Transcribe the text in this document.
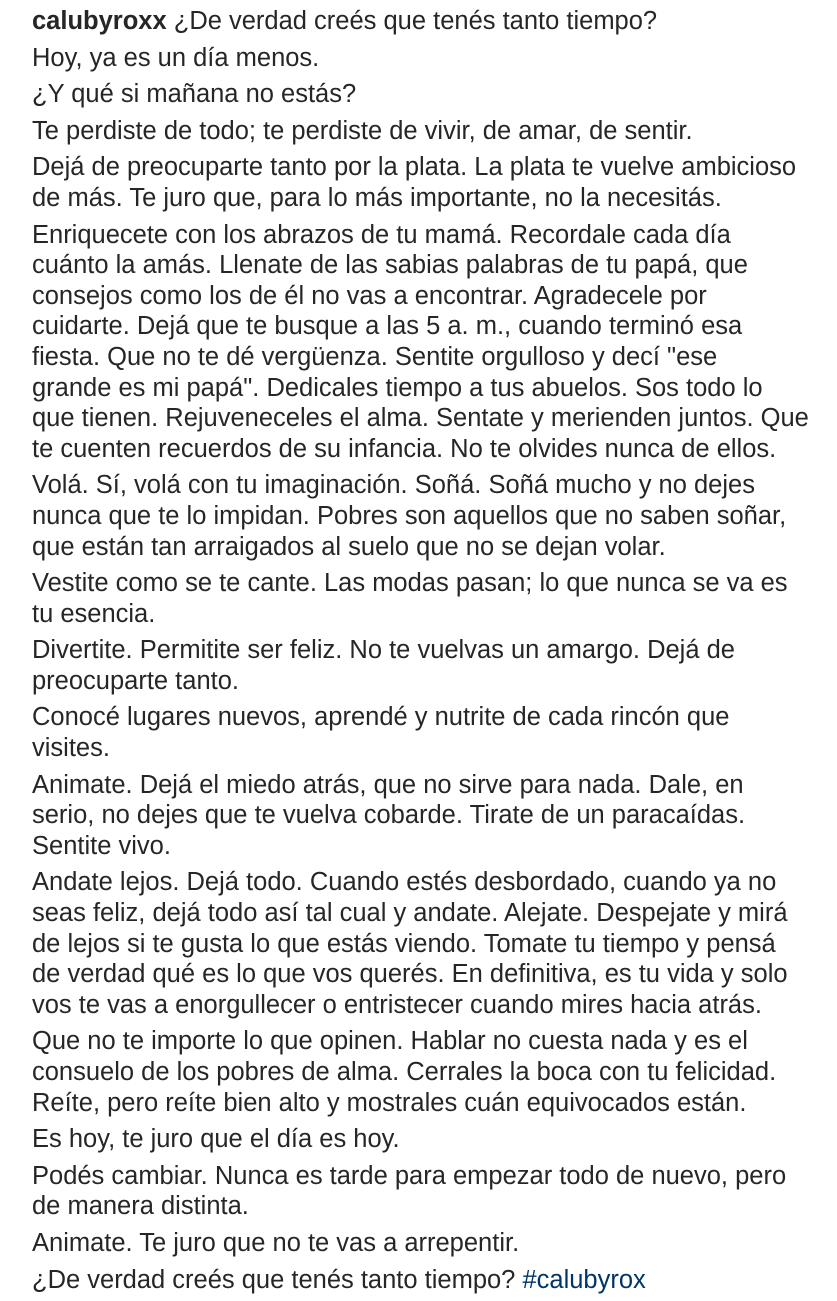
calubyroxx ¿De verdad creés que tenés tanto tiempo?

Hoy, ya es un día menos.

¿Y qué si mañana no estás?

Te perdiste de todo; te perdiste de vivir, de amar, de sentir.

Dejá de preocuparte tanto por la plata. La plata te vuelve ambicioso
de más. Te juro que, para lo más importante, no la necesitás.

Enriquecete con los abrazos de tu mamá. Recordale cada día
cuánto la amás. Llenate de las sabias palabras de tu papá, que
consejos como los de él no vas a encontrar. Agradecele por
cuidarte. Dejá que te busque a las 5 a. m., cuando terminó esa
fiesta. Que no te dé vergüenza. Sentite orgulloso y decí "ese
grande es mi papá". Dedicales tiempo a tus abuelos. Sos todo lo
que tienen. Rejuveneceles el alma. Sentate y merienden juntos. Que
te cuenten recuerdos de su infancia. No te olvides nunca de ellos.

Volá. Sí, volá con tu imaginación. Soñá. Soñá mucho y no dejes
nunca que te lo impidan. Pobres son aquellos que no saben soñar,
que están tan arraigados al suelo que no se dejan volar.

Vestite como se te cante. Las modas pasan; lo que nunca se va es
tu esencia.

Divertite. Permitite ser feliz. No te vuelvas un amargo. Dejá de
preocuparte tanto.

Conocé lugares nuevos, aprendé y nutrite de cada rincón que
visites.

Animate. Dejá el miedo atrás, que no sirve para nada. Dale, en
serio, no dejes que te vuelva cobarde. Tirate de un paracaídas.
Sentite vivo.

Andate lejos. Dejá todo. Cuando estés desbordado, cuando ya no
seas feliz, dejá todo así tal cual y andate. Alejate. Despejate y mirá
de lejos si te gusta lo que estás viendo. Tomate tu tiempo y pensá
de verdad qué es lo que vos querés. En definitiva, es tu vida y solo
vos te vas a enorgullecer o entristecer cuando mires hacia atrás.

Que no te importe lo que opinen. Hablar no cuesta nada y es el
consuelo de los pobres de alma. Cerrales la boca con tu felicidad.
Reíte, pero reíte bien alto y mostrales cuán equivocados están.

Es hoy, te juro que el día es hoy.

Podés cambiar. Nunca es tarde para empezar todo de nuevo, pero
de manera distinta.

Animate. Te juro que no te vas a arrepentir.

¿De verdad creés que tenés tanto tiempo? #calubyrox
